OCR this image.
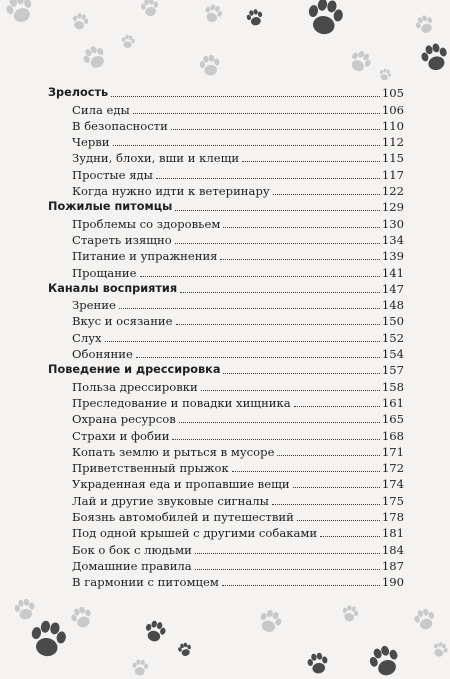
Зрелость	105
Сила еды	106
В безопасности	110
Черви	112
Зудни, блохи, вши и клещи	115
Простые яды	117
Когда нужно идти к ветеринару	122
Пожилые питомцы	129
Проблемы со здоровьем	130
Стареть изящно	134
Питание и упражнения	139
Прощание	141
Каналы восприятия	147
Зрение	148
Вкус и осязание	150
Слух	152
Обоняние	154
Поведение и дрессировка	157
Польза дрессировки	158
Преследование и повадки хищника	161
Охрана ресурсов	165
Страхи и фобии	168
Копать землю и рыться в мусоре	171
Приветственный прыжок	172
Украденная еда и пропавшие вещи	174
Лай и другие звуковые сигналы	175
Боязнь автомобилей и путешествий	178
Под одной крышей с другими собаками	181
Бок о бок с людьми	184
Домашние правила	187
В гармонии с питомцем	190
